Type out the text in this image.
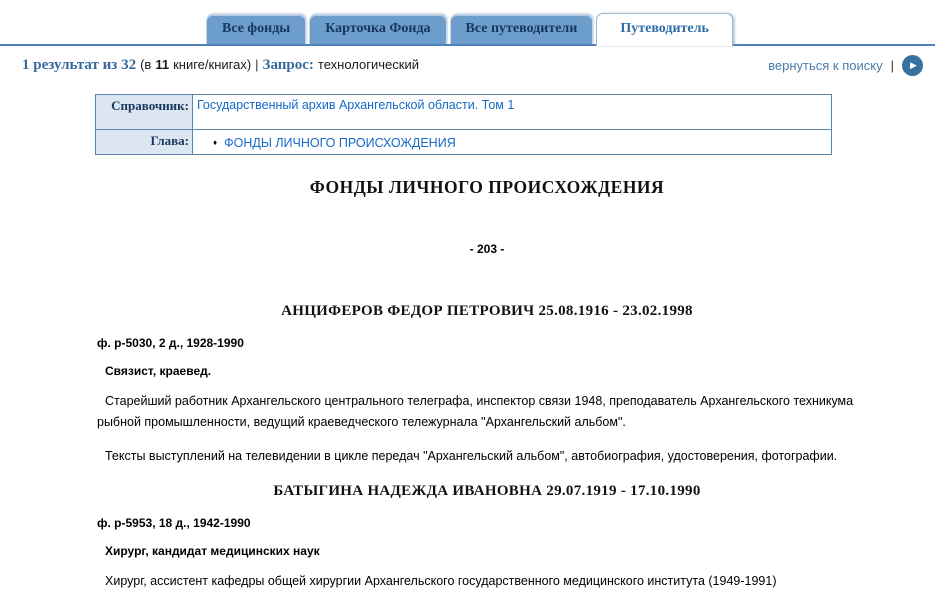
Все фонды	Карточка Фонда	Все путеводители	Путеводитель
1 результат из 32 (в 11 книге/книгах) | Запрос: технологический	вернуться к поиску | ▶
Справочник:	Государственный архив Архангельской области. Том 1
Глава:	♦ ФОНДЫ ЛИЧНОГО ПРОИСХОЖДЕНИЯ
ФОНДЫ ЛИЧНОГО ПРОИСХОЖДЕНИЯ
- 203 -
АНЦИФЕРОВ ФЕДОР ПЕТРОВИЧ 25.08.1916 - 23.02.1998
ф. р-5030, 2 д., 1928-1990
Связист, краевед.

Старейший работник Архангельского центрального телеграфа, инспектор связи 1948, преподаватель Архангельского техникума рыбной промышленности, ведущий краеведческого тележурнала "Архангельский альбом".

Тексты выступлений на телевидении в цикле передач "Архангельский альбом", автобиография, удостоверения, фотографии.

БАТЫГИНА НАДЕЖДА ИВАНОВНА 29.07.1919 - 17.10.1990
ф. р-5953, 18 д., 1942-1990
Хирург, кандидат медицинских наук

Хирург, ассистент кафедры общей хирургии Архангельского государственного медицинского института (1949-1991)
